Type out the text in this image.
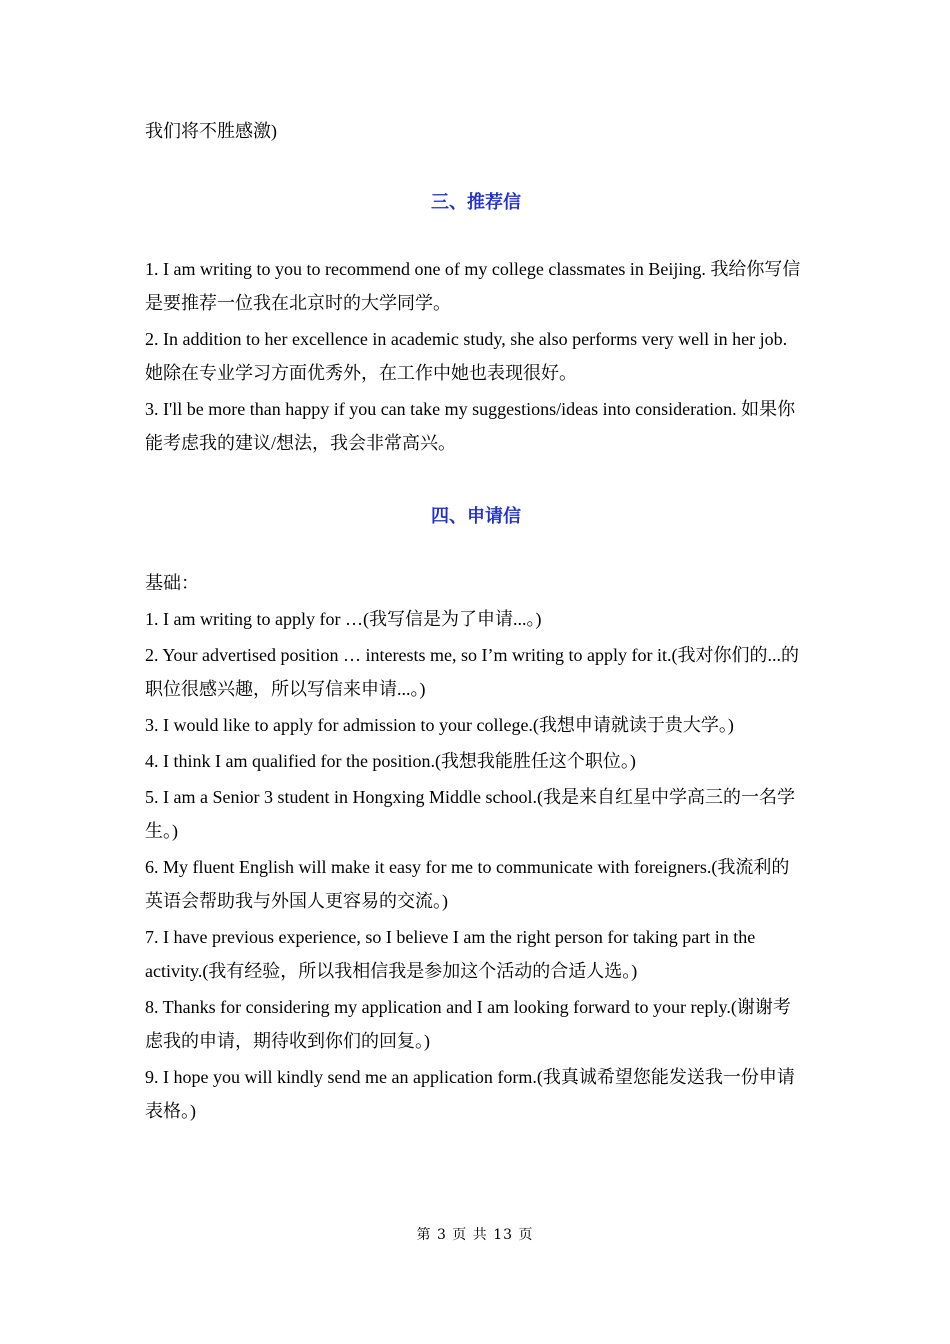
我们将不胜感激)

三、推荐信

1. I am writing to you to recommend one of my college classmates in Beijing. 我给你写信是要推荐一位我在北京时的大学同学。

2. In addition to her excellence in academic study, she also performs very well in her job. 她除在专业学习方面优秀外，在工作中她也表现很好。

3. I'll be more than happy if you can take my suggestions/ideas into consideration. 如果你能考虑我的建议/想法，我会非常高兴。

四、申请信

基础：

1. I am writing to apply for …(我写信是为了申请...。)

2. Your advertised position … interests me, so I’m writing to apply for it.(我对你们的...的职位很感兴趣，所以写信来申请...。)

3. I would like to apply for admission to your college.(我想申请就读于贵大学。)

4. I think I am qualified for the position.(我想我能胜任这个职位。)

5. I am a Senior 3 student in Hongxing Middle school.(我是来自红星中学高三的一名学生。)

6. My fluent English will make it easy for me to communicate with foreigners.(我流利的英语会帮助我与外国人更容易的交流。)

7. I have previous experience, so I believe I am the right person for taking part in the activity.(我有经验，所以我相信我是参加这个活动的合适人选。)

8. Thanks for considering my application and I am looking forward to your reply.(谢谢考虑我的申请，期待收到你们的回复。)

9. I hope you will kindly send me an application form.(我真诚希望您能发送我一份申请表格。)

第 3 页 共 13 页
